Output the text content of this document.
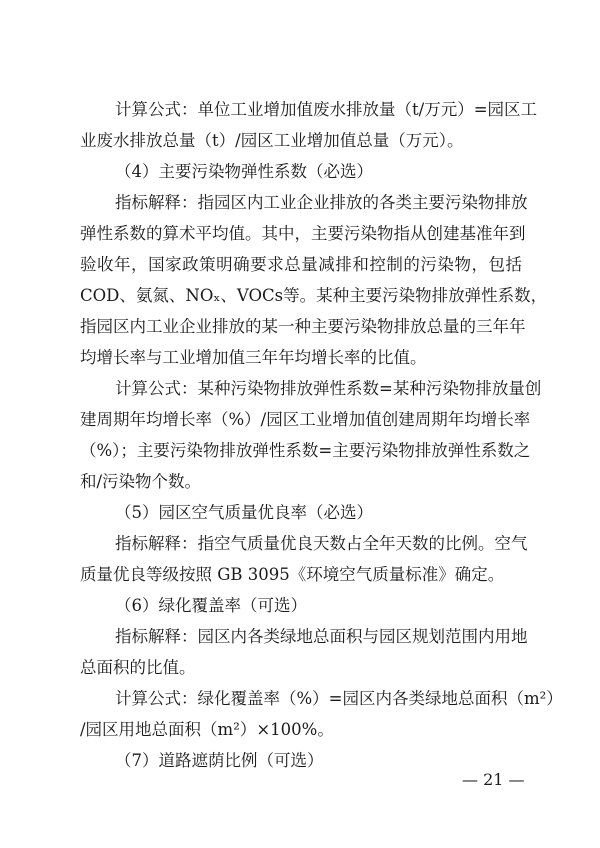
计算公式：单位工业增加值废水排放量（t/万元）=园区工
业废水排放总量（t）/园区工业增加值总量（万元）。
（4）主要污染物弹性系数（必选）
指标解释：指园区内工业企业排放的各类主要污染物排放
弹性系数的算术平均值。其中，主要污染物指从创建基准年到
验收年，国家政策明确要求总量减排和控制的污染物，包括
COD、氨氮、NOₓ、VOCs等。某种主要污染物排放弹性系数，
指园区内工业企业排放的某一种主要污染物排放总量的三年年
均增长率与工业增加值三年年均增长率的比值。
计算公式：某种污染物排放弹性系数=某种污染物排放量创
建周期年均增长率（%）/园区工业增加值创建周期年均增长率
（%）；主要污染物排放弹性系数=主要污染物排放弹性系数之
和/污染物个数。
（5）园区空气质量优良率（必选）
指标解释：指空气质量优良天数占全年天数的比例。空气
质量优良等级按照 GB 3095《环境空气质量标准》确定。
（6）绿化覆盖率（可选）
指标解释：园区内各类绿地总面积与园区规划范围内用地
总面积的比值。
计算公式：绿化覆盖率（%）=园区内各类绿地总面积（m²）
/园区用地总面积（m²）×100%。
（7）道路遮荫比例（可选）
— 21 —
